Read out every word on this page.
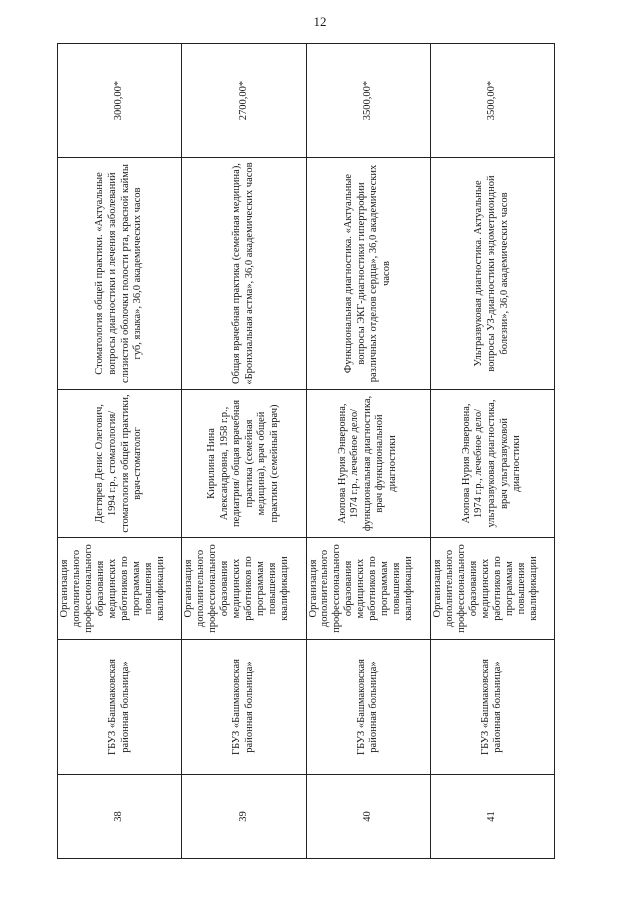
12
38	ГБУЗ «Башмаковская районная больница»	Организация дополнительного профессионального образования медицинских работников по программам повышения квалификации	Дегтярев Денис Олегович, 1994 г.р., стоматология/ стоматология общей практики, врач-стоматолог	Стоматология общей практики. «Актуальные вопросы диагностики и лечения заболеваний слизистой оболочки полости рта, красной каймы губ, языка», 36,0 академических часов	3000,00*
39	ГБУЗ «Башмаковская районная больница»	Организация дополнительного профессионального образования медицинских работников по программам повышения квалификации	Кирилина Нина Александровна, 1958 г.р., педиатрия/ общая врачебная практика (семейная медицина), врач общей практики (семейный врач)	Общая врачебная практика (семейная медицина), «Бронхиальная астма», 36,0 академических часов	2700,00*
40	ГБУЗ «Башмаковская районная больница»	Организация дополнительного профессионального образования медицинских работников по программам повышения квалификации	Аюпова Нурия Энверовна, 1974 г.р., лечебное дело/ функциональная диагностика, врач функциональной диагностики	Функциональная диагностика. «Актуальные вопросы ЭКГ-диагностики гипертрофии различных отделов сердца», 36,0 академических часов	3500,00*
41	ГБУЗ «Башмаковская районная больница»	Организация дополнительного профессионального образования медицинских работников по программам повышения квалификации	Аюпова Нурия Энверовна, 1974 г.р., лечебное дело/ультразвуковая диагностика, врач ультразвуковой диагностики	Ультразвуковая диагностика. Актуальные вопросы УЗ-диагностики эндометриоидной болезни», 36,0 академических часов	3500,00*
